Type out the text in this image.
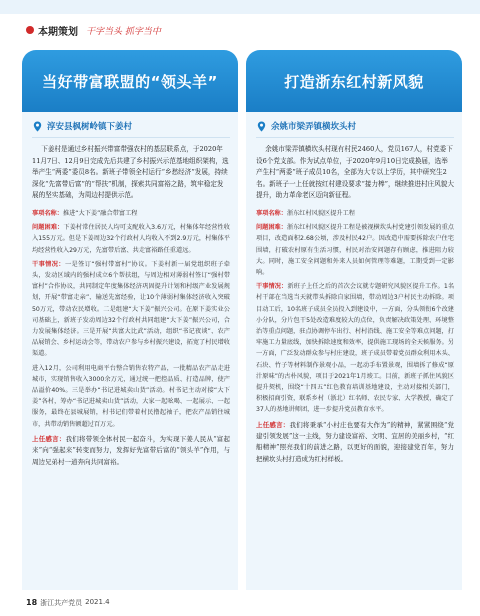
本期策划 干字当头 抓字当中
当好带富联盟的“领头羊”
淳安县枫树岭镇下姜村

下姜村是通过乡村振兴带富带强农村的基层联系点，于2020年11月7日、12月9日完成先后共建了乡村振兴示范基地组织架构，选举产生“两委”委员8名。新班子带领全村运行“乡愁经济”发展，持续深化“先富带后富”的“帮扶”机制，探索共同富裕之路，筑牢稳定发展的坚实基础，为周边村提供示范。

事项名称：推进“大下姜”融合带富工程

问题困难：下姜村常住居民人均可支配收入3.6万元，村集体年经营性收入155万元。但是下姜周边32个行政村人均收入不到2.9万元，村集体平均经营性收入29万元，先富带后富、共走富裕路任重道远。

干事情况：一是签订“强村带富村”协议。下姜村新一届党组织班子牵头，发动区域内的强村成立6个帮扶组，与周边相对薄弱村签订“强村带富村”合作协议，共同制定年度集体经济巩固提升计划和村级产业发展规划，开展“带富走亲”、输送先富经验，让10个薄弱村集体经济收入突破50万元，带动农民增收。二是组建“大下姜”振兴公司。在原下姜实业公司基础上，新班子发动周边32个行政村共同组建“大下姜”振兴公司，合力发展集体经济。三是开展“共富大比武”活动，组织“书记夜谈”、农产品展销会、乡村运动会等，带动农户参与乡村振兴建设，拓宽了村民增收渠道。

进入12月，公司利用电商平台整合销售农特产品，一批精品农产品走进城市，实现销售收入3000余万元，通过统一把控品质、打造品牌，使产品溢价40%。三是举办“书记进城卖山货”活动。村书记主动对接“大下姜”各村，筹办“书记进城卖山货”活动，大家一起吆喝、一起展示、一起服务，最终在县城展销，村书记们带着村民撸起袖子，把农产品销往城市，共带动销售额超过百万元。

上任感言：我们将带领全体村民一起奋斗，为实现下姜人民从“富起来”向“强起来”转变而努力，发挥好先富带后富的“领头羊”作用，与周边兄弟村一道奔向共同富裕。

打造浙东红村新风貌
余姚市梁弄镇横坎头村

余姚市梁弄镇横坎头村现有村民2460人，党员167人，村党委下设6个党支部。作为试点单位，于2020年9月10日完成换届，选举产生村“两委”班子成员10名，全部为大专以上学历，其中研究生2名。新班子一上任就按红村建设要求“接力棒”，继续推进村庄风貌大提升，助力革命老区迈向新征程。

事项名称：浙东红村风貌区提升工程

问题困难：浙东红村风貌区提升工程是被视横坎头村党建引领发展的重点项目，改造面积2.68公顷，涉及村民42户。因改造中需要拆除农户住宅围墙，打破农村原有生活习惯，村民对治安问题存有顾虑，推进阻力较大。同时，施工安全问题和外来人员如何管理等难题，工期受到一定影响。

干事情况：新班子上任之后的首次会议就专题研究风貌区提升工作。1名村干部在当选当天就带头拆除自家围墙，带动周边3户村民主动拆除。项目动工后，10名班子成员全员投入到建设中，一方面，分头领衔6个改建小分队，分片包干5处改造难度较大的点位，负责解决政策处理、环境整治等重点问题，驻点协调停车出行、村村沿线、施工安全等难点问题，打牢施工力量底线，加快拆除速度和效率，提供施工现场的全天候服务。另一方面，广泛发动群众参与村庄建设，班子成员带着党员群众利用木头、石块、竹子等材料制作景观小品，一起动手布置景观，围墙拆了修成“原汁原味”的古朴风貌，项目于2021年1月竣工。目前，新班子抓住风貌区提升契机，围绕“十四五”红色教育培训基地建设，主动对接相关部门，积极招商引资，联系乡村（浙北）红名师、农民专家、大学教授，确定了37人的基地讲师团，进一步提升党员教育水平。

上任感言：我们将秉承“小村庄也要有大作为”的精神，紧紧围绕“党建引领发展”这一主线，努力建设富裕、文明、宜居的美丽乡村，“红船精神”照亮我们的前进之路，以更好的面貌，迎接建党百年，努力把横坎头村打造成为红村样板。

18 浙江共产党员 2021.4
